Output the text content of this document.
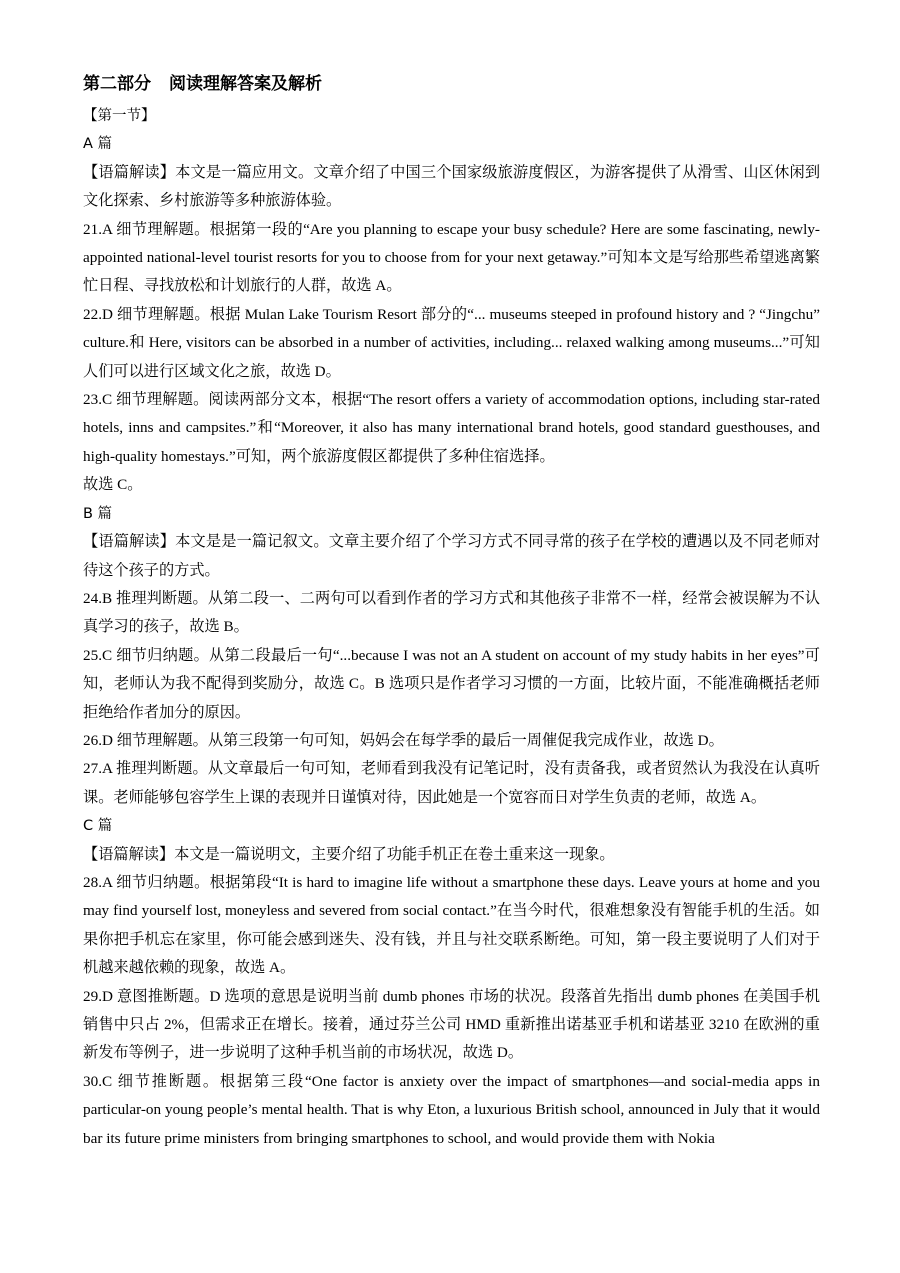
第二部分 阅读理解答案及解析

【第一节】

A 篇

【语篇解读】本文是一篇应用文。文章介绍了中国三个国家级旅游度假区，为游客提供了从滑雪、山区休闲到文化探索、乡村旅游等多种旅游体验。

21.A 细节理解题。根据第一段的“Are you planning to escape your busy schedule? Here are some fascinating, newly-appointed national-level tourist resorts for you to choose from for your next getaway.”可知本文是写给那些希望逃离繁忙日程、寻找放松和计划旅行的人群，故选 A。

22.D 细节理解题。根据 Mulan Lake Tourism Resort 部分的“... museums steeped in profound history and ? “Jingchu” culture.和 Here, visitors can be absorbed in a number of activities, including... relaxed walking among museums...”可知人们可以进行区域文化之旅，故选 D。

23.C 细节理解题。阅读两部分文本，根据“The resort offers a variety of accommodation options, including star-rated hotels, inns and campsites.”和“Moreover, it also has many international brand hotels, good standard guesthouses, and high-quality homestays.”可知，两个旅游度假区都提供了多种住宿选择。

故选 C。

B 篇

【语篇解读】本文是是一篇记叙文。文章主要介绍了个学习方式不同寻常的孩子在学校的遭遇以及不同老师对待这个孩子的方式。

24.B 推理判断题。从第二段一、二两句可以看到作者的学习方式和其他孩子非常不一样，经常会被误解为不认真学习的孩子，故选 B。

25.C 细节归纳题。从第二段最后一句“...because I was not an A student on account of my study habits in her eyes”可知，老师认为我不配得到奖励分，故选 C。B 选项只是作者学习习惯的一方面，比较片面，不能准确概括老师拒绝给作者加分的原因。

26.D 细节理解题。从第三段第一句可知，妈妈会在每学季的最后一周催促我完成作业，故选 D。

27.A 推理判断题。从文章最后一句可知，老师看到我没有记笔记时，没有责备我，或者贸然认为我没在认真听课。老师能够包容学生上课的表现并日谨慎对待，因此她是一个宽容而日对学生负责的老师，故选 A。

C 篇

【语篇解读】本文是一篇说明文，主要介绍了功能手机正在卷土重来这一现象。

28.A 细节归纳题。根据第段“It is hard to imagine life without a smartphone these days. Leave yours at home and you may find yourself lost, moneyless and severed from social contact.”在当今时代，很难想象没有智能手机的生活。如果你把手机忘在家里，你可能会感到迷失、没有钱，并且与社交联系断绝。可知，第一段主要说明了人们对于机越来越依赖的现象，故选 A。

29.D 意图推断题。D 选项的意思是说明当前 dumb phones 市场的状况。段落首先指出 dumb phones 在美国手机销售中只占 2%，但需求正在增长。接着，通过芬兰公司 HMD 重新推出诺基亚手机和诺基亚 3210 在欧洲的重新发布等例子，进一步说明了这种手机当前的市场状况，故选 D。

30.C 细节推断题。根据第三段“One factor is anxiety over the impact of smartphones—and social-media apps in particular-on young people’s mental health. That is why Eton, a luxurious British school, announced in July that it would bar its future prime ministers from bringing smartphones to school, and would provide them with Nokia
